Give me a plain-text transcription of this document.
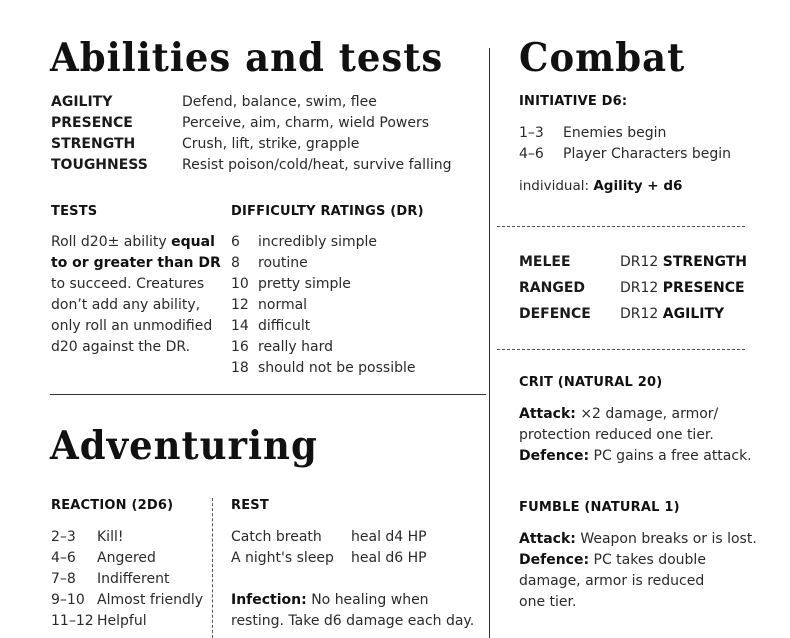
Abilities and tests
AGILITY	Defend, balance, swim, flee
PRESENCE	Perceive, aim, charm, wield Powers
STRENGTH	Crush, lift, strike, grapple
TOUGHNESS Resist poison/cold/heat, survive falling
TESTS
Roll d20± ability equal
to or greater than DR
to succeed. Creatures
don’t add any ability,
only roll an unmodified
d20 against the DR.
DIFFICULTY RATINGS (DR)
6 incredibly simple
8 routine
10 pretty simple
12 normal
14 difficult
16 really hard
18 should not be possible
Adventuring
REACTION (2D6)
2–3 Kill!
4–6 Angered
7–8 Indifferent
9–10 Almost friendly
11–12 Helpful
REST
Catch breath heal d4 HP
A night's sleep heal d6 HP
Infection: No healing when
resting. Take d6 damage each day.
Combat
INITIATIVE D6:
1–3 Enemies begin
4–6 Player Characters begin
individual: Agility + d6
MELEE	DR12 STRENGTH
RANGED DR12 PRESENCE
DEFENCE DR12 AGILITY
CRIT (NATURAL 20)
Attack: ×2 damage, armor/
protection reduced one tier.
Defence: PC gains a free attack.
FUMBLE (NATURAL 1)
Attack: Weapon breaks or is lost.
Defence: PC takes double
damage, armor is reduced
one tier.
